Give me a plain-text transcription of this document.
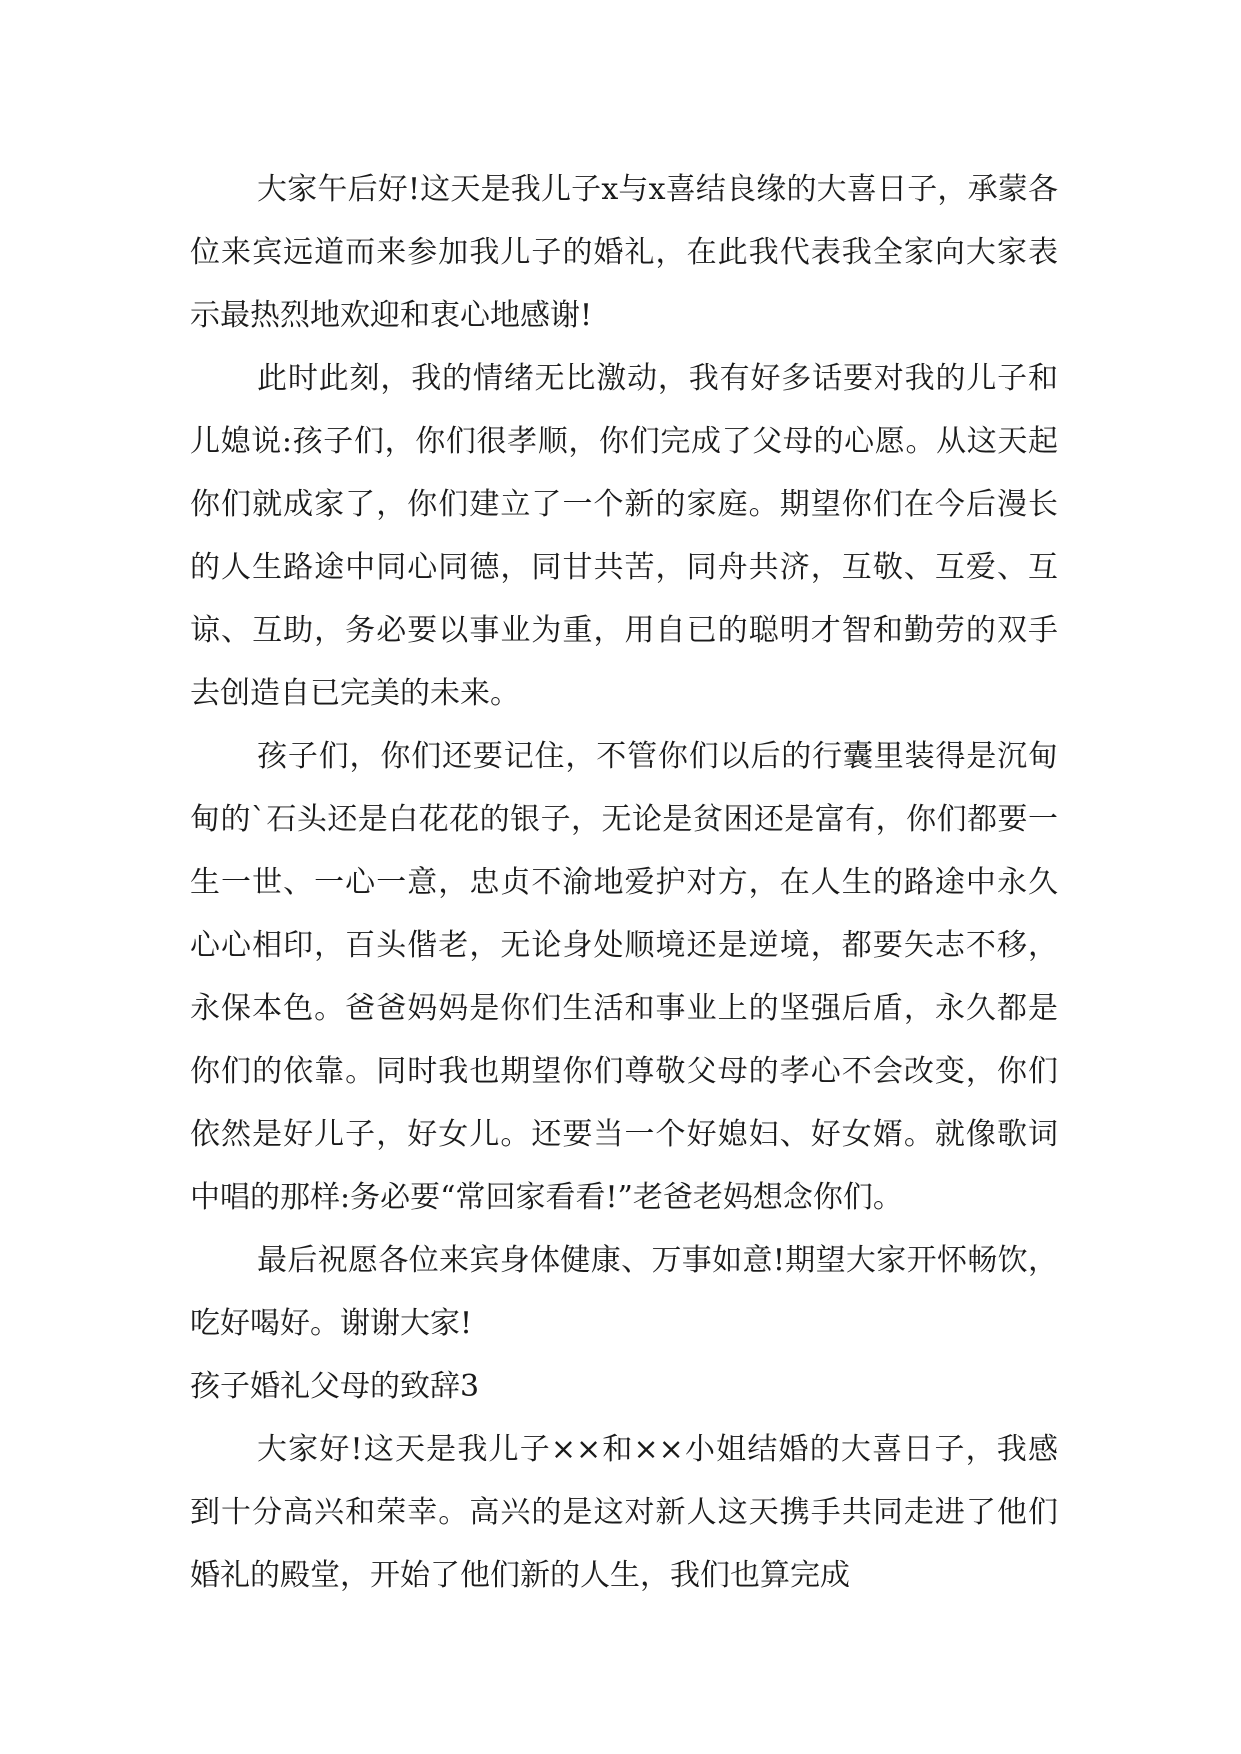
大家午后好!这天是我儿子x与x喜结良缘的大喜日子，承蒙各位来宾远道而来参加我儿子的婚礼，在此我代表我全家向大家表示最热烈地欢迎和衷心地感谢!

此时此刻，我的情绪无比激动，我有好多话要对我的儿子和儿媳说:孩子们，你们很孝顺，你们完成了父母的心愿。从这天起你们就成家了，你们建立了一个新的家庭。期望你们在今后漫长的人生路途中同心同德，同甘共苦，同舟共济，互敬、互爱、互谅、互助，务必要以事业为重，用自已的聪明才智和勤劳的双手去创造自已完美的未来。

孩子们，你们还要记住，不管你们以后的行囊里装得是沉甸甸的`石头还是白花花的银子，无论是贫困还是富有，你们都要一生一世、一心一意，忠贞不渝地爱护对方，在人生的路途中永久心心相印，百头偕老，无论身处顺境还是逆境，都要矢志不移，永保本色。爸爸妈妈是你们生活和事业上的坚强后盾，永久都是你们的依靠。同时我也期望你们尊敬父母的孝心不会改变，你们依然是好儿子，好女儿。还要当一个好媳妇、好女婿。就像歌词中唱的那样:务必要“常回家看看!”老爸老妈想念你们。

最后祝愿各位来宾身体健康、万事如意!期望大家开怀畅饮，吃好喝好。谢谢大家!

孩子婚礼父母的致辞3

大家好!这天是我儿子××和××小姐结婚的大喜日子，我感到十分高兴和荣幸。高兴的是这对新人这天携手共同走进了他们婚礼的殿堂，开始了他们新的人生，我们也算完成
